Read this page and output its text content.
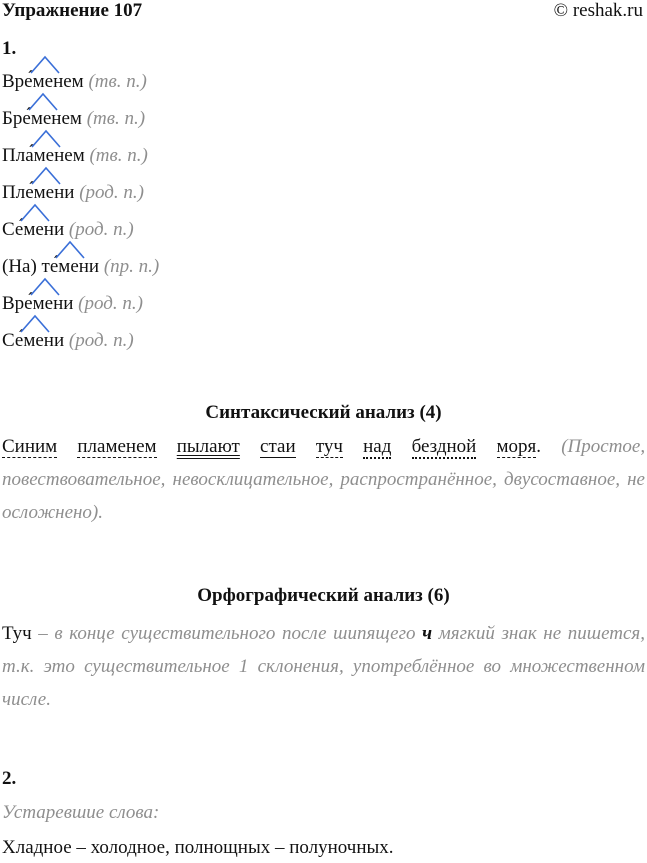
Упражнение 107	© reshak.ru
1.
Вре́
менем (тв. п.)
Бре́
менем (тв. п.)
Пла́
менем (тв. п.)
Пле́
мени (род. п.)
Се́
мени (род. п.)
(На) те́
мени (пр. п.)
Вре́
мени (род. п.)
Се́
мени (род. п.)
Синтаксический анализ (4)
Синим пламенем пылают стаи туч над бездной моря. (Простое, повествовательное, невосклицательное, распространённое, двусоставное, не осложнено).
Орфографический анализ (6)
Туч – в конце существительного после шипящего ч мягкий знак не пишется, т.к. это существительное 1 склонения, употреблённое во множественном числе.
2.
Устаревшие слова:
Хладное – холодное, полнощных – полуночных.
